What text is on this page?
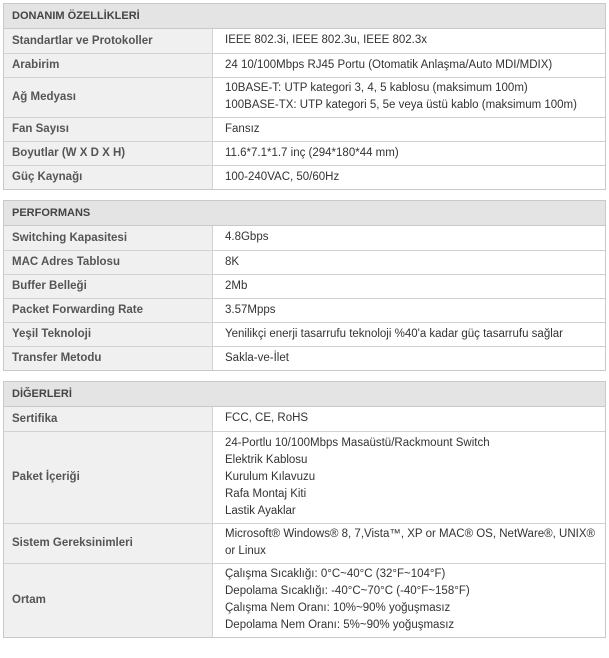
DONANIM ÖZELLİKLERİ
Standartlar ve Protokoller	IEEE 802.3i, IEEE 802.3u, IEEE 802.3x

Arabirim	24 10/100Mbps RJ45 Portu (Otomatik Anlaşma/Auto MDI/MDIX)

Ağ Medyası	10BASE-T: UTP kategori 3, 4, 5 kablosu (maksimum 100m)
100BASE-TX: UTP kategori 5, 5e veya üstü kablo (maksimum 100m)

Fan Sayısı	Fansız

Boyutlar (W X D X H)	11.6*7.1*1.7 inç (294*180*44 mm)

Güç Kaynağı	100-240VAC, 50/60Hz
PERFORMANS
Switching Kapasitesi	4.8Gbps

MAC Adres Tablosu	8K

Buffer Belleği	2Mb

Packet Forwarding Rate	3.57Mpps

Yeşil Teknoloji	Yenilikçi enerji tasarrufu teknoloji %40'a kadar güç tasarrufu sağlar

Transfer Metodu	Sakla-ve-İlet
DİĞERLERİ
Sertifika	FCC, CE, RoHS

Paket İçeriği	24-Portlu 10/100Mbps Masaüstü/Rackmount Switch
Elektrik Kablosu
Kurulum Kılavuzu
Rafa Montaj Kiti
Lastik Ayaklar

Sistem Gereksinimleri	Microsoft® Windows® 8, 7,Vista™, XP or MAC® OS, NetWare®, UNIX®
or Linux

Ortam	Çalışma Sıcaklığı: 0°C~40°C (32°F~104°F)
Depolama Sıcaklığı: -40°C~70°C (-40°F~158°F)
Çalışma Nem Oranı: 10%~90% yoğuşmasız
Depolama Nem Oranı: 5%~90% yoğuşmasız
